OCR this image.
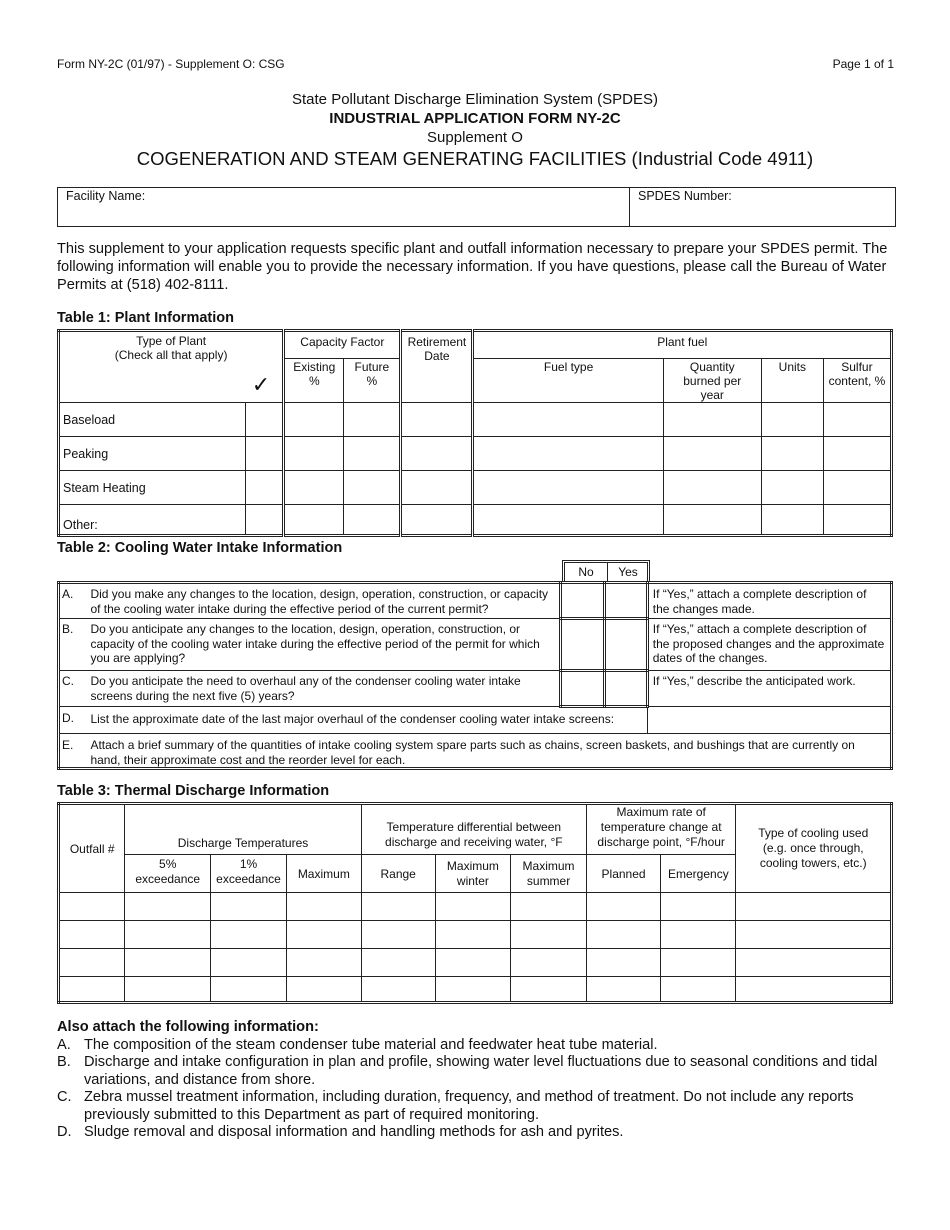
Form NY-2C (01/97) - Supplement O: CSG	Page 1 of 1
State Pollutant Discharge Elimination System (SPDES)
INDUSTRIAL APPLICATION FORM NY-2C
Supplement O
COGENERATION AND STEAM GENERATING FACILITIES (Industrial Code 4911)
Facility Name:	SPDES Number:
This supplement to your application requests specific plant and outfall information necessary to prepare your SPDES permit. The following information will enable you to provide the necessary information. If you have questions, please call the Bureau of Water Permits at (518) 402-8111.
Table 1: Plant Information
Type of Plant
(Check all that apply)
✓		Capacity Factor		Retirement Date	Plant fuel			
		Existing %	Future %		Fuel type	Quantity burned per year	Units	Sulfur content, %
Baseload								
Peaking								
Steam Heating								
Other:								
Table 2: Cooling Water Intake Information
No	Yes
A.	Did you make any changes to the location, design, operation, construction, or capacity of the cooling water intake during the effective period of the current permit?			If “Yes,” attach a complete description of the changes made.
B.	Do you anticipate any changes to the location, design, operation, construction, or capacity of the cooling water intake during the effective period of the permit for which you are applying?			If “Yes,” attach a complete description of the proposed changes and the approximate dates of the changes.
C.	Do you anticipate the need to overhaul any of the condenser cooling water intake screens during the next five (5) years?			If “Yes,” describe the anticipated work.
D.	List the approximate date of the last major overhaul of the condenser cooling water intake screens:			
E.	Attach a brief summary of the quantities of intake cooling system spare parts such as chains, screen baskets, and bushings that are currently on hand, their approximate cost and the reorder level for each.			
Table 3: Thermal Discharge Information
Outfall #	Discharge Temperatures			Temperature differential between discharge and receiving water, °F			Maximum rate of temperature change at discharge point, °F/hour		Type of cooling used (e.g. once through, cooling towers, etc.)
	5% exceedance	1% exceedance	Maximum	Range	Maximum winter	Maximum summer	Planned	Emergency	

Also attach the following information:
A. The composition of the steam condenser tube material and feedwater heat tube material.
B. Discharge and intake configuration in plan and profile, showing water level fluctuations due to seasonal conditions and tidal variations, and distance from shore.
C. Zebra mussel treatment information, including duration, frequency, and method of treatment. Do not include any reports previously submitted to this Department as part of required monitoring.
D. Sludge removal and disposal information and handling methods for ash and pyrites.
